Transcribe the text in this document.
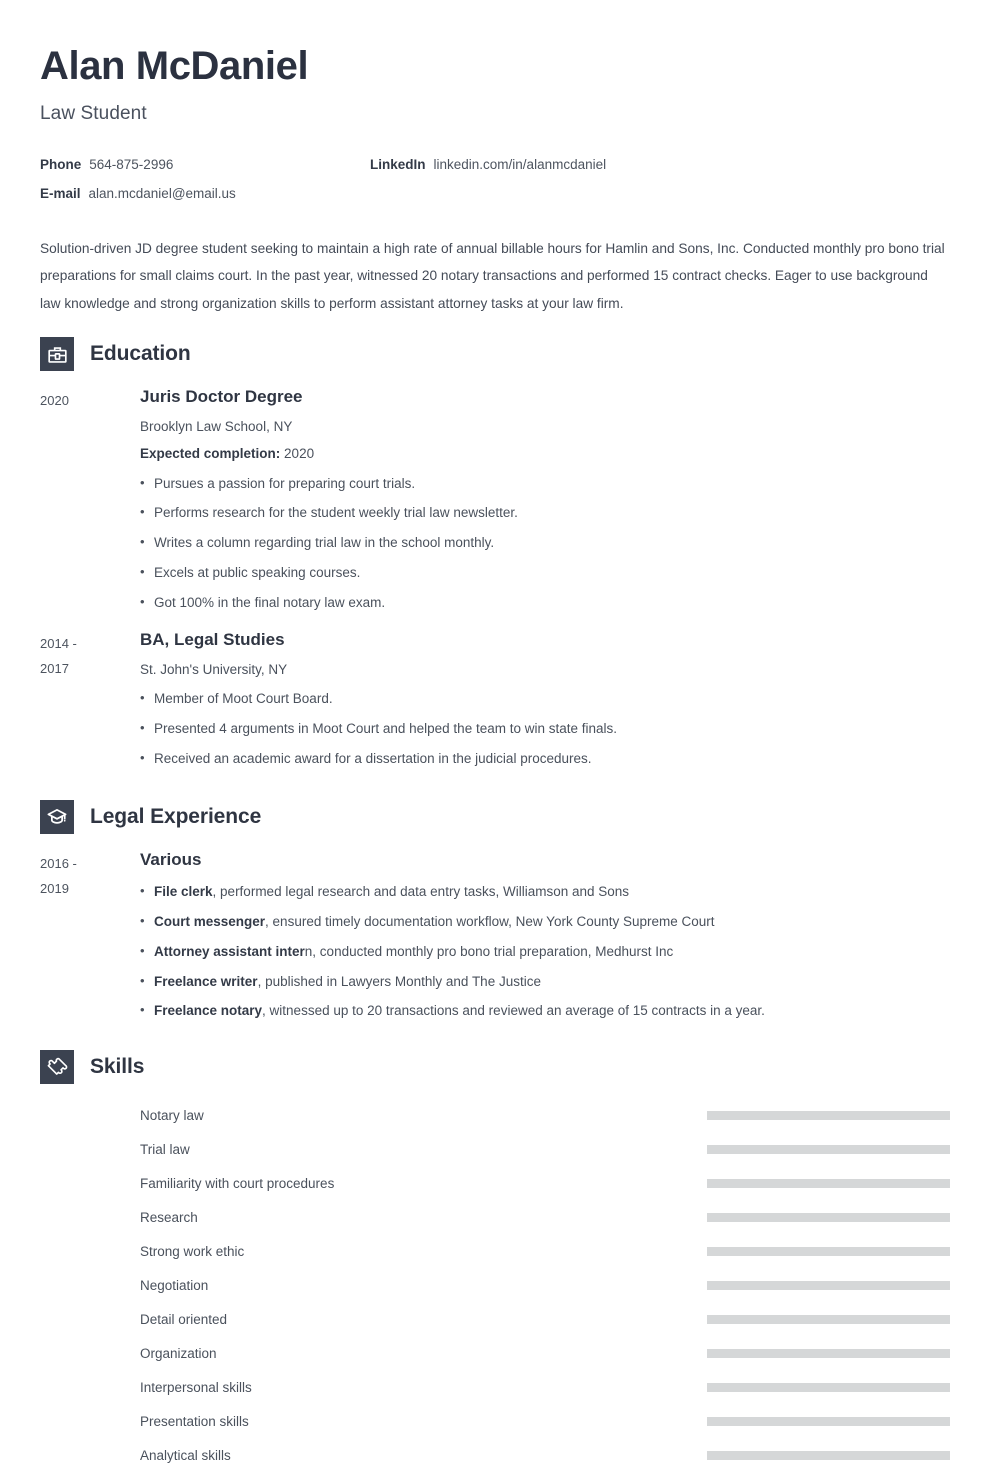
Alan McDaniel
Law Student
Phone 564-875-2996	LinkedIn linkedin.com/in/alanmcdaniel
E-mail alan.mcdaniel@email.us
Solution-driven JD degree student seeking to maintain a high rate of annual billable hours for Hamlin and Sons, Inc. Conducted monthly pro bono trial preparations for small claims court. In the past year, witnessed 20 notary transactions and performed 15 contract checks. Eager to use background law knowledge and strong organization skills to perform assistant attorney tasks at your law firm.
Education
2020	Juris Doctor Degree
Brooklyn Law School, NY
Expected completion: 2020
• Pursues a passion for preparing court trials.
• Performs research for the student weekly trial law newsletter.
• Writes a column regarding trial law in the school monthly.
• Excels at public speaking courses.
• Got 100% in the final notary law exam.
2014 - 2017
BA, Legal Studies
St. John's University, NY
• Member of Moot Court Board.
• Presented 4 arguments in Moot Court and helped the team to win state finals.
• Received an academic award for a dissertation in the judicial procedures.
Legal Experience
2016 - 2019
Various
• File clerk, performed legal research and data entry tasks, Williamson and Sons
• Court messenger, ensured timely documentation workflow, New York County Supreme Court
• Attorney assistant intern, conducted monthly pro bono trial preparation, Medhurst Inc
• Freelance writer, published in Lawyers Monthly and The Justice
• Freelance notary, witnessed up to 20 transactions and reviewed an average of 15 contracts in a year.
Skills
Notary law
Trial law
Familiarity with court procedures
Research
Strong work ethic
Negotiation
Detail oriented
Organization
Interpersonal skills
Presentation skills
Analytical skills
